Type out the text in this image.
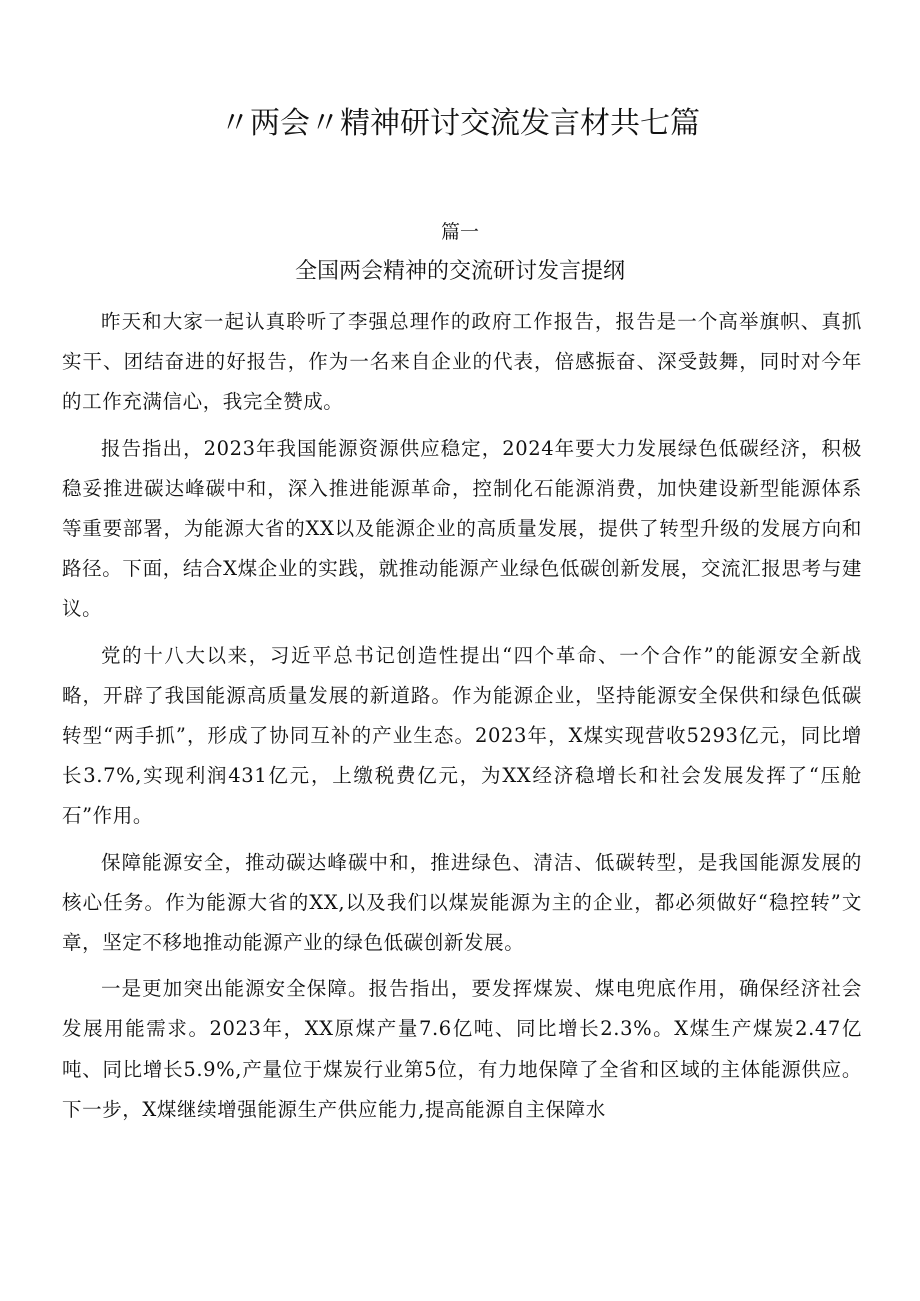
〃两会〃精神研讨交流发言材共七篇
篇一
全国两会精神的交流研讨发言提纲

昨天和大家一起认真聆听了李强总理作的政府工作报告，报告是一个高举旗帜、真抓实干、团结奋进的好报告，作为一名来自企业的代表，倍感振奋、深受鼓舞，同时对今年的工作充满信心，我完全赞成。

报告指出，2023年我国能源资源供应稳定，2024年要大力发展绿色低碳经济，积极稳妥推进碳达峰碳中和，深入推进能源革命，控制化石能源消费，加快建设新型能源体系等重要部署，为能源大省的XX以及能源企业的高质量发展，提供了转型升级的发展方向和路径。下面，结合X煤企业的实践，就推动能源产业绿色低碳创新发展，交流汇报思考与建议。

党的十八大以来，习近平总书记创造性提出“四个革命、一个合作”的能源安全新战略，开辟了我国能源高质量发展的新道路。作为能源企业，坚持能源安全保供和绿色低碳转型“两手抓”，形成了协同互补的产业生态。2023年，X煤实现营收5293亿元，同比增长3.7%,实现利润431亿元，上缴税费亿元，为XX经济稳增长和社会发展发挥了“压舱石”作用。

保障能源安全，推动碳达峰碳中和，推进绿色、清洁、低碳转型，是我国能源发展的核心任务。作为能源大省的XX,以及我们以煤炭能源为主的企业，都必须做好“稳控转”文章，坚定不移地推动能源产业的绿色低碳创新发展。

一是更加突出能源安全保障。报告指出，要发挥煤炭、煤电兜底作用，确保经济社会发展用能需求。2023年，XX原煤产量7.6亿吨、同比增长2.3%。X煤生产煤炭2.47亿吨、同比增长5.9%,产量位于煤炭行业第5位，有力地保障了全省和区域的主体能源供应。下一步，X煤继续增强能源生产供应能力,提高能源自主保障水
